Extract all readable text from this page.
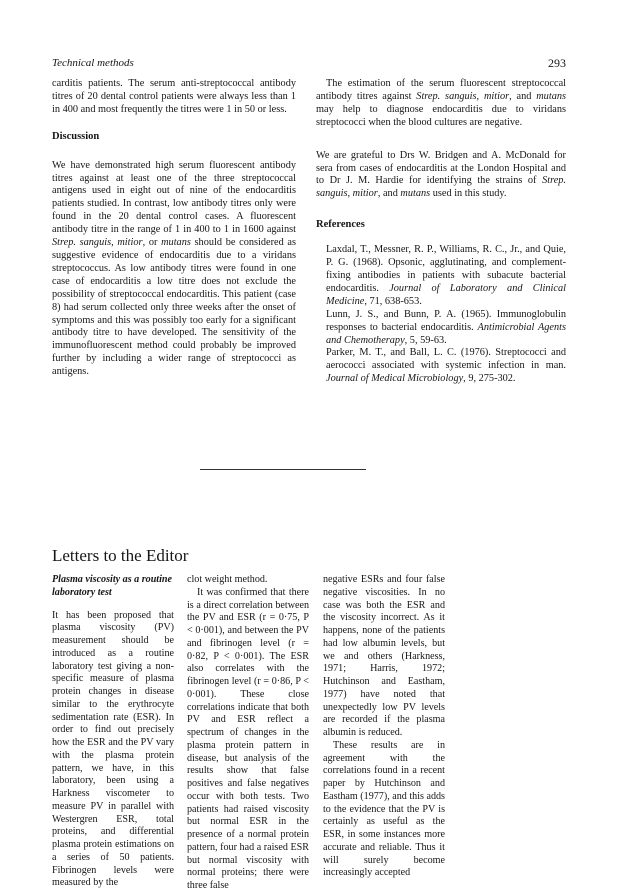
Technical methods	293

carditis patients. The serum anti-streptococcal antibody titres of 20 dental control patients were always less than 1 in 400 and most frequently the titres were 1 in 50 or less.

Discussion

We have demonstrated high serum fluorescent antibody titres against at least one of the three streptococcal antigens used in eight out of nine of the endocarditis patients studied. In contrast, low antibody titres only were found in the 20 dental control cases. A fluorescent antibody titre in the range of 1 in 400 to 1 in 1600 against Strep. sanguis, mitior, or mutans should be considered as suggestive evidence of endocarditis due to a viridans streptococcus. As low antibody titres were found in one case of endocarditis a low titre does not exclude the possibility of streptococcal endocarditis. This patient (case 8) had serum collected only three weeks after the onset of symptoms and this was possibly too early for a significant antibody titre to have developed. The sensitivity of the immunofluorescent method could probably be improved further by including a wider range of streptococci as antigens.

The estimation of the serum fluorescent streptococcal antibody titres against Strep. sanguis, mitior, and mutans may help to diagnose endocarditis due to viridans streptococci when the blood cultures are negative.

We are grateful to Drs W. Bridgen and A. McDonald for sera from cases of endocarditis at the London Hospital and to Dr J. M. Hardie for identifying the strains of Strep. sanguis, mitior, and mutans used in this study.

References

Laxdal, T., Messner, R. P., Williams, R. C., Jr., and Quie, P. G. (1968). Opsonic, agglutinating, and complement-fixing antibodies in patients with subacute bacterial endocarditis. Journal of Laboratory and Clinical Medicine, 71, 638-653.

Lunn, J. S., and Bunn, P. A. (1965). Immunoglobulin responses to bacterial endocarditis. Antimicrobial Agents and Chemotherapy, 5, 59-63.

Parker, M. T., and Ball, L. C. (1976). Streptococci and aerococci associated with systemic infection in man. Journal of Medical Microbiology, 9, 275-302.

Letters to the Editor

Plasma viscosity as a routine laboratory test

It has been proposed that plasma viscosity (PV) measurement should be introduced as a routine laboratory test giving a non-specific measure of plasma protein changes in disease similar to the erythrocyte sedimentation rate (ESR). In order to find out precisely how the ESR and the PV vary with the plasma protein pattern, we have, in this laboratory, been using a Harkness viscometer to measure PV in parallel with Westergren ESR, total proteins, and differential plasma protein estimations on a series of 50 patients. Fibrinogen levels were measured by the

clot weight method.

It was confirmed that there is a direct correlation between the PV and ESR (r = 0·75, P < 0·001), and between the PV and fibrinogen level (r = 0·82, P < 0·001). The ESR also correlates with the fibrinogen level (r = 0·86, P < 0·001). These close correlations indicate that both PV and ESR reflect a spectrum of changes in the plasma protein pattern in disease, but analysis of the results show that false positives and false negatives occur with both tests. Two patients had raised viscosity but normal ESR in the presence of a normal protein pattern, four had a raised ESR but normal viscosity with normal proteins; there were three false

negative ESRs and four false negative viscosities. In no case was both the ESR and the viscosity incorrect. As it happens, none of the patients had low albumin levels, but we and others (Harkness, 1971; Harris, 1972; Hutchinson and Eastham, 1977) have noted that unexpectedly low PV levels are recorded if the plasma albumin is reduced.

These results are in agreement with the correlations found in a recent paper by Hutchinson and Eastham (1977), and this adds to the evidence that the PV is certainly as useful as the ESR, in some instances more accurate and reliable. Thus it will surely become increasingly accepted
